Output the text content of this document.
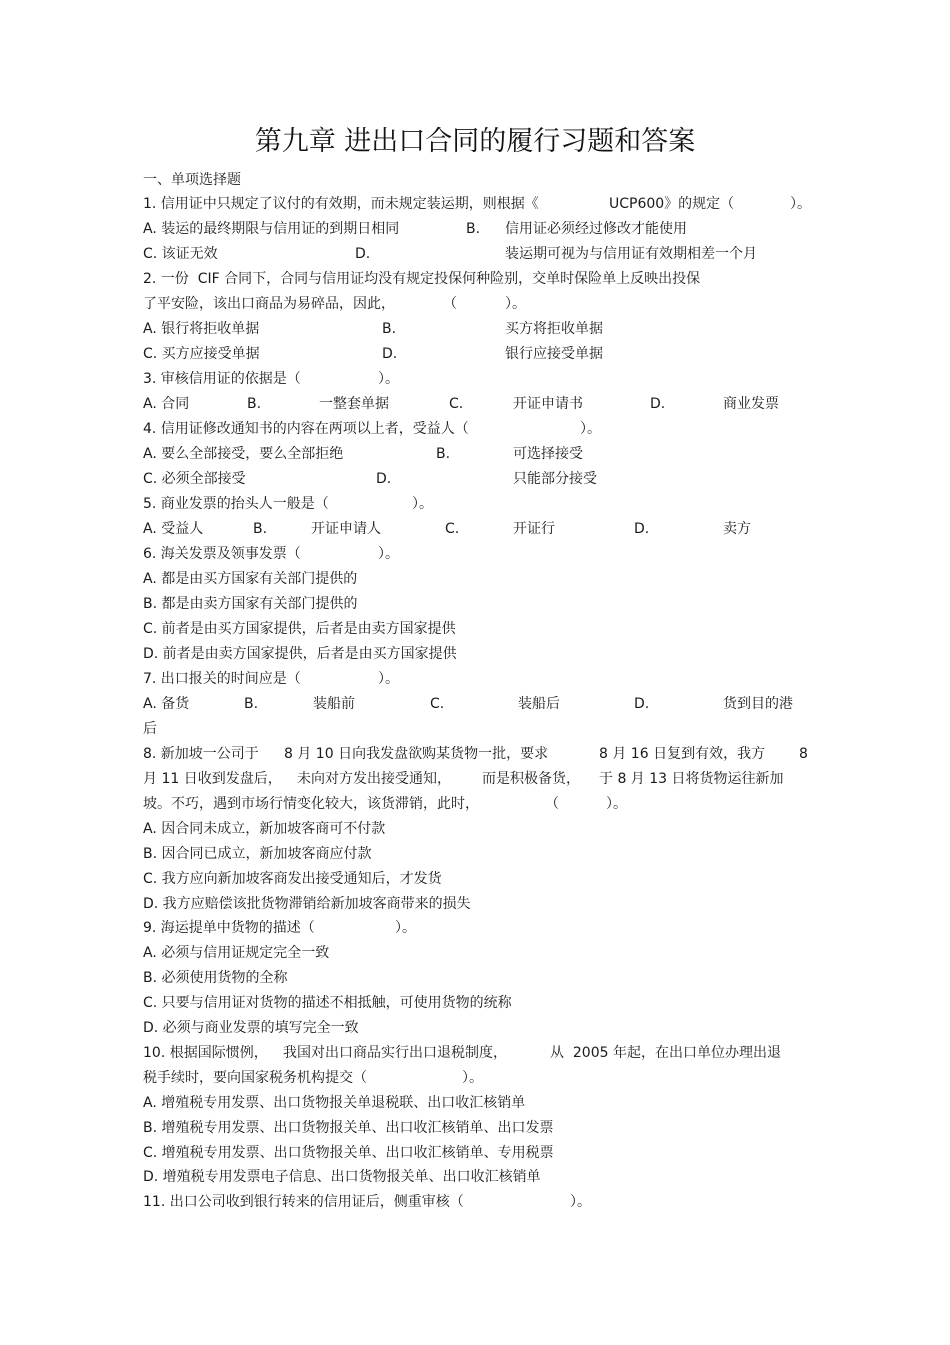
第九章 进出口合同的履行习题和答案
一、单项选择题

1. 信用证中只规定了议付的有效期，而未规定装运期，则根据《

	UCP600》的规定（

	）。

A. 装运的最终期限与信用证的到期日相同

	B.

信用证必须经过修改才能使用

C. 该证无效

	D.

	装运期可视为与信用证有效期相差一个月

2. 一份  CIF 合同下，合同与信用证均没有规定投保何种险别，交单时保险单上反映出投保

了平安险，该出口商品为易碎品，因此，

	（

	）。

A. 银行将拒收单据

	B.

	买方将拒收单据

C. 买方应接受单据

	D.

	银行应接受单据

3. 审核信用证的依据是（

	）。

A. 合同

	B.

	一整套单据

	C.

	开证申请书

	D.

	商业发票

4. 信用证修改通知书的内容在两项以上者，受益人（

	）。

A. 要么全部接受，要么全部拒绝

	B.

	可选择接受

C. 必须全部接受

	D.

	只能部分接受

5. 商业发票的抬头人一般是（

	）。

A. 受益人

	B.

	开证申请人

	C.

	开证行

	D.

	卖方

6. 海关发票及领事发票（

	）。

A. 都是由买方国家有关部门提供的
B. 都是由卖方国家有关部门提供的
C. 前者是由买方国家提供，后者是由卖方国家提供
D. 前者是由卖方国家提供，后者是由买方国家提供

7. 出口报关的时间应是（

	）。

A. 备货

	B.

	装船前

	C.

	装船后

	D.

	货到目的港

后

8. 新加坡一公司于

8 月 10 日向我发盘欲购某货物一批，要求

	8 月 16 日复到有效，我方

8

月 11 日收到发盘后，

未向对方发出接受通知，

而是积极备货，

于 8 月 13 日将货物运往新加

坡。不巧，遇到市场行情变化较大，该货滞销，此时，

	（

	）。

A. 因合同未成立，新加坡客商可不付款
B. 因合同已成立，新加坡客商应付款
C. 我方应向新加坡客商发出接受通知后，才发货
D. 我方应赔偿该批货物滞销给新加坡客商带来的损失

9. 海运提单中货物的描述（

	）。

A. 必须与信用证规定完全一致
B. 必须使用货物的全称
C. 只要与信用证对货物的描述不相抵触，可使用货物的统称
D. 必须与商业发票的填写完全一致

10. 根据国际惯例，

我国对出口商品实行出口退税制度，

	从  2005 年起，

在出口单位办理出退

税手续时，要向国家税务机构提交（

	）。

A. 增殖税专用发票、出口货物报关单退税联、出口收汇核销单
B. 增殖税专用发票、出口货物报关单、出口收汇核销单、出口发票
C. 增殖税专用发票、出口货物报关单、出口收汇核销单、专用税票
D. 增殖税专用发票电子信息、出口货物报关单、出口收汇核销单

11. 出口公司收到银行转来的信用证后，侧重审核（

	）。
